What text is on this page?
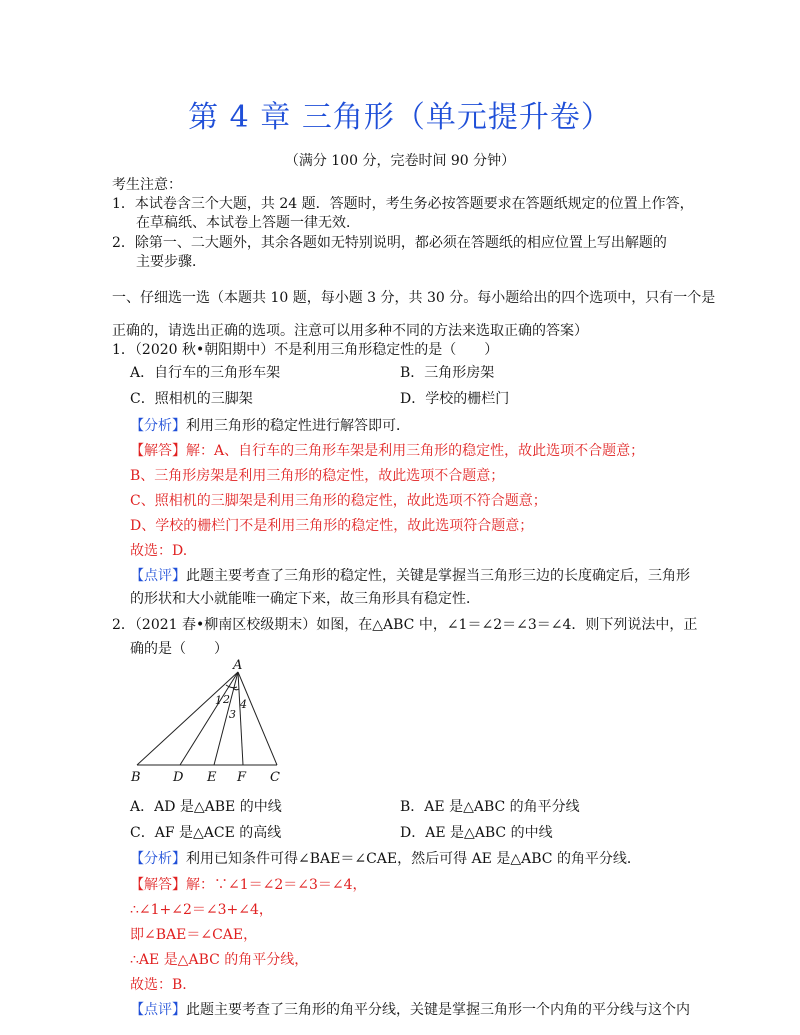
第 4 章 三角形（单元提升卷）
（满分 100 分，完卷时间 90 分钟）
考生注意：
1．本试卷含三个大题，共 24 题．答题时，考生务必按答题要求在答题纸规定的位置上作答，
在草稿纸、本试卷上答题一律无效．
2．除第一、二大题外，其余各题如无特别说明，都必须在答题纸的相应位置上写出解题的
主要步骤．
一、仔细选一选（本题共 10 题，每小题 3 分，共 30 分。每小题给出的四个选项中，只有一个是
正确的，请选出正确的选项。注意可以用多种不同的方法来选取正确的答案）
1．（2020 秋•朝阳期中）不是利用三角形稳定性的是（　　）
A．自行车的三角形车架	B．三角形房架
C．照相机的三脚架	D．学校的栅栏门
【分析】利用三角形的稳定性进行解答即可．
【解答】解：A、自行车的三角形车架是利用三角形的稳定性，故此选项不合题意；
B、三角形房架是利用三角形的稳定性，故此选项不合题意；
C、照相机的三脚架是利用三角形的稳定性，故此选项不符合题意；
D、学校的栅栏门不是利用三角形的稳定性，故此选项符合题意；
故选：D.
【点评】此题主要考查了三角形的稳定性，关键是掌握当三角形三边的长度确定后，三角形
的形状和大小就能唯一确定下来，故三角形具有稳定性．
2．（2021 春•柳南区校级期末）如图，在△ABC 中，∠1＝∠2＝∠3＝∠4．则下列说法中，正
确的是（　　）
A
B D E F C
1 2
3
4
A．AD 是△ABE 的中线	B．AE 是△ABC 的角平分线
C．AF 是△ACE 的高线	D．AE 是△ABC 的中线
【分析】利用已知条件可得∠BAE＝∠CAE，然后可得 AE 是△ABC 的角平分线．
【解答】解：∵∠1＝∠2＝∠3＝∠4，
∴∠1+∠2＝∠3+∠4，
即∠BAE＝∠CAE，
∴AE 是△ABC 的角平分线，
故选：B.
【点评】此题主要考查了三角形的角平分线，关键是掌握三角形一个内角的平分线与这个内
